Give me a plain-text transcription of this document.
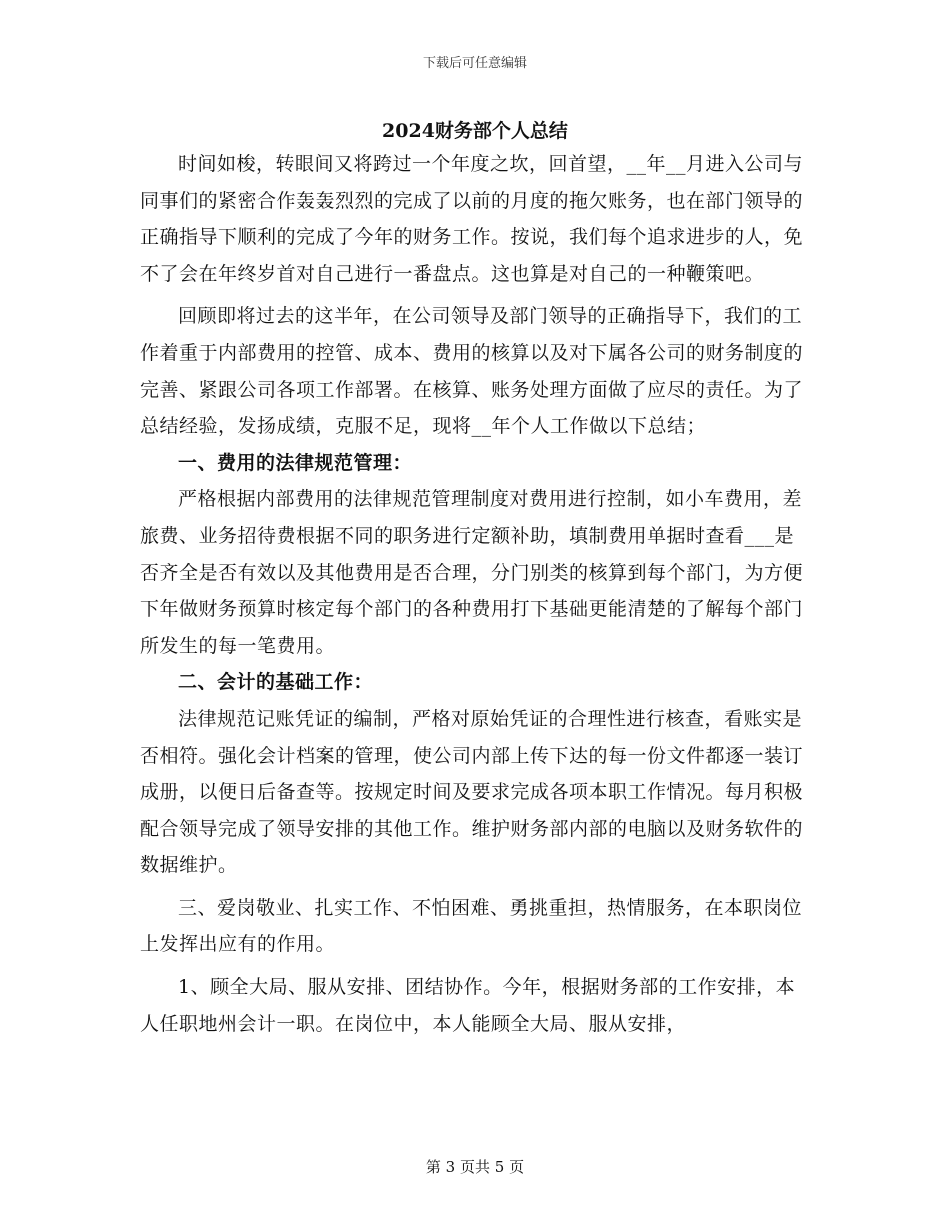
下载后可任意编辑
2024财务部个人总结

时间如梭，转眼间又将跨过一个年度之坎，回首望，__年__月进入公司与同事们的紧密合作轰轰烈烈的完成了以前的月度的拖欠账务，也在部门领导的正确指导下顺利的完成了今年的财务工作。按说，我们每个追求进步的人，免不了会在年终岁首对自己进行一番盘点。这也算是对自己的一种鞭策吧。

回顾即将过去的这半年，在公司领导及部门领导的正确指导下，我们的工作着重于内部费用的控管、成本、费用的核算以及对下属各公司的财务制度的完善、紧跟公司各项工作部署。在核算、账务处理方面做了应尽的责任。为了总结经验，发扬成绩，克服不足，现将__年个人工作做以下总结；

一、费用的法律规范管理：

严格根据内部费用的法律规范管理制度对费用进行控制，如小车费用，差旅费、业务招待费根据不同的职务进行定额补助，填制费用单据时查看___是否齐全是否有效以及其他费用是否合理，分门别类的核算到每个部门，为方便下年做财务预算时核定每个部门的各种费用打下基础更能清楚的了解每个部门所发生的每一笔费用。

二、会计的基础工作：

法律规范记账凭证的编制，严格对原始凭证的合理性进行核查，看账实是否相符。强化会计档案的管理，使公司内部上传下达的每一份文件都逐一装订成册，以便日后备查等。按规定时间及要求完成各项本职工作情况。每月积极配合领导完成了领导安排的其他工作。维护财务部内部的电脑以及财务软件的数据维护。

三、爱岗敬业、扎实工作、不怕困难、勇挑重担，热情服务，在本职岗位上发挥出应有的作用。

1、顾全大局、服从安排、团结协作。今年，根据财务部的工作安排，本人任职地州会计一职。在岗位中，本人能顾全大局、服从安排，

第 3 页共 5 页
